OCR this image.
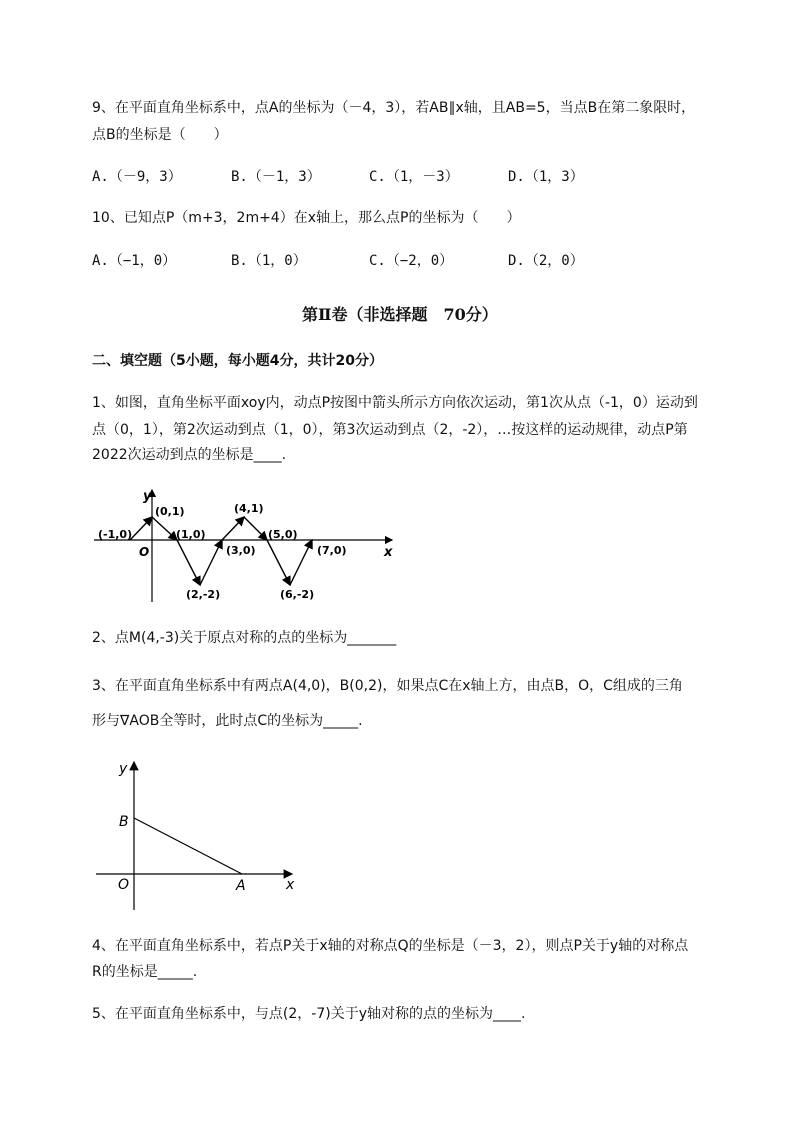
9、在平面直角坐标系中，点A的坐标为（－4，3），若AB∥x轴，且AB=5，当点B在第二象限时，
点B的坐标是（　　）
A.（－9，3）	B.（－1，3）	C.（1，－3）	D.（1，3）
10、已知点P（m+3，2m+4）在x轴上，那么点P的坐标为（　　）
A.（−1，0）	B.（1，0）	C.（−2，0）	D.（2，0）
第Ⅱ卷（非选择题　70分）
二、填空题（5小题，每小题4分，共计20分）
1、如图，直角坐标平面xoy内，动点P按图中箭头所示方向依次运动，第1次从点（-1，0）运动到
点（0，1），第2次运动到点（1，0），第3次运动到点（2，-2），…按这样的运动规律，动点P第
2022次运动到点的坐标是____.
y
x
O
(-1,0)
(0,1)
(1,0)
(2,-2)
(3,0)
(4,1)
(5,0)
(6,-2)
(7,0)
2、点M(4,-3)关于原点对称的点的坐标为_______
3、在平面直角坐标系中有两点A(4,0)，B(0,2)，如果点C在x轴上方，由点B，O，C组成的三角
形与∇AOB全等时，此时点C的坐标为_____.
y
x
O
B
A
4、在平面直角坐标系中，若点P关于x轴的对称点Q的坐标是（－3，2），则点P关于y轴的对称点
R的坐标是_____.
5、在平面直角坐标系中，与点(2，-7)关于y轴对称的点的坐标为____.
